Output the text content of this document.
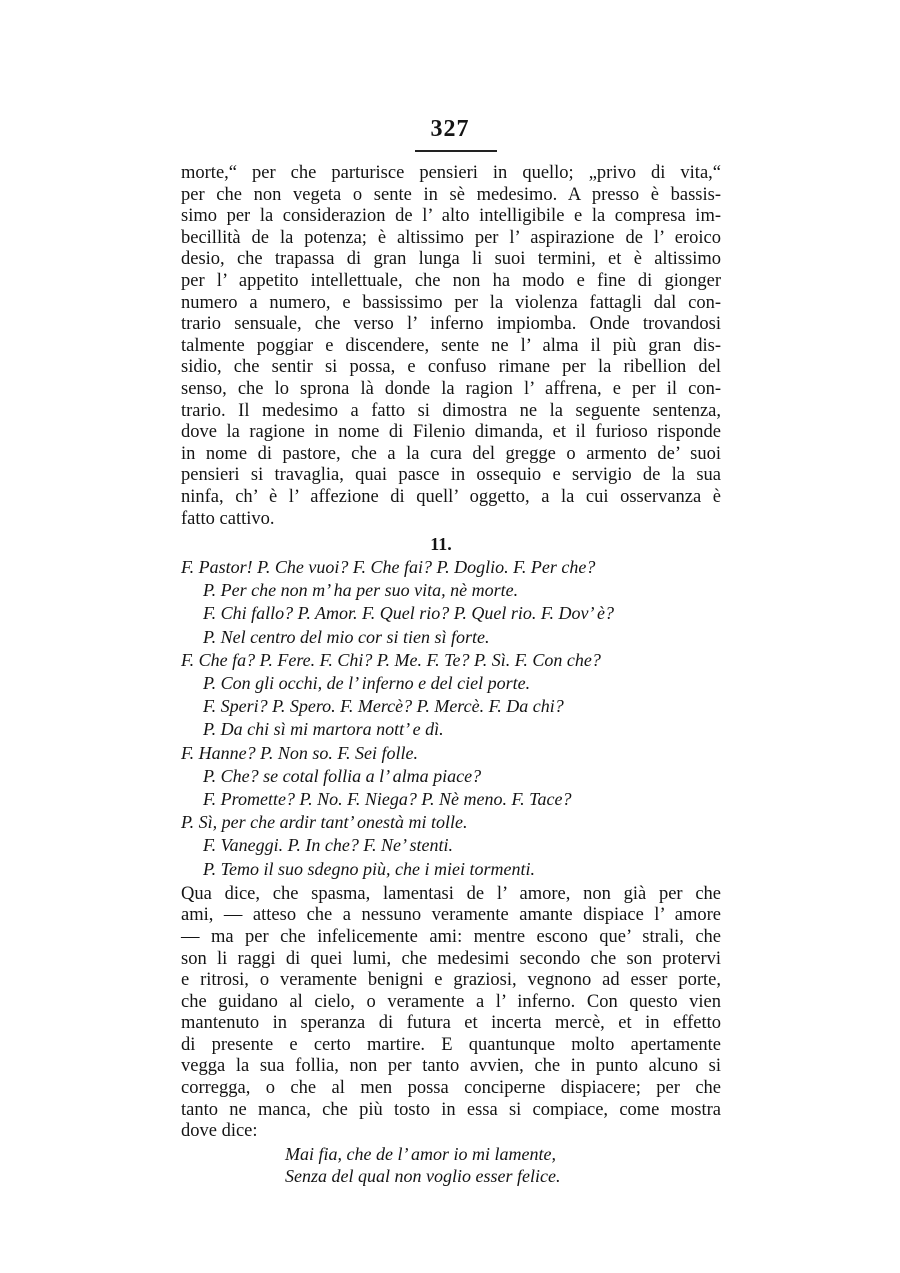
327
morte,“ per che parturisce pensieri in quello; „privo di vita,“
per che non vegeta o sente in sè medesimo. A presso è bassis-
simo per la considerazion de l’ alto intelligibile e la compresa im-
becillità de la potenza; è altissimo per l’ aspirazione de l’ eroico
desio, che trapassa di gran lunga li suoi termini, et è altissimo
per l’ appetito intellettuale, che non ha modo e fine di gionger
numero a numero, e bassissimo per la violenza fattagli dal con-
trario sensuale, che verso l’ inferno impiomba. Onde trovandosi
talmente poggiar e discendere, sente ne l’ alma il più gran dis-
sidio, che sentir si possa, e confuso rimane per la ribellion del
senso, che lo sprona là donde la ragion l’ affrena, e per il con-
trario. Il medesimo a fatto si dimostra ne la seguente sentenza,
dove la ragione in nome di Filenio dimanda, et il furioso risponde
in nome di pastore, che a la cura del gregge o armento de’ suoi
pensieri si travaglia, quai pasce in ossequio e servigio de la sua
ninfa, ch’ è l’ affezione di quell’ oggetto, a la cui osservanza è
fatto cattivo.
11.
F. Pastor! P. Che vuoi? F. Che fai? P. Doglio. F. Per che?
P. Per che non m’ ha per suo vita, nè morte.
F. Chi fallo? P. Amor. F. Quel rio? P. Quel rio. F. Dov’ è?
P. Nel centro del mio cor si tien sì forte.
F. Che fa? P. Fere. F. Chi? P. Me. F. Te? P. Sì. F. Con che?
P. Con gli occhi, de l’ inferno e del ciel porte.
F. Speri? P. Spero. F. Mercè? P. Mercè. F. Da chi?
P. Da chi sì mi martora nott’ e dì.
F. Hanne? P. Non so. F. Sei folle.
P. Che? se cotal follia a l’ alma piace?
F. Promette? P. No. F. Niega? P. Nè meno. F. Tace?
P. Sì, per che ardir tant’ onestà mi tolle.
F. Vaneggi. P. In che? F. Ne’ stenti.
P. Temo il suo sdegno più, che i miei tormenti.
Qua dice, che spasma, lamentasi de l’ amore, non già per che
ami, — atteso che a nessuno veramente amante dispiace l’ amore
— ma per che infelicemente ami: mentre escono que’ strali, che
son li raggi di quei lumi, che medesimi secondo che son protervi
e ritrosi, o veramente benigni e graziosi, vegnono ad esser porte,
che guidano al cielo, o veramente a l’ inferno. Con questo vien
mantenuto in speranza di futura et incerta mercè, et in effetto
di presente e certo martire. E quantunque molto apertamente
vegga la sua follia, non per tanto avvien, che in punto alcuno si
corregga, o che al men possa conciperne dispiacere; per che
tanto ne manca, che più tosto in essa si compiace, come mostra
dove dice:
Mai fia, che de l’ amor io mi lamente,
Senza del qual non voglio esser felice.
